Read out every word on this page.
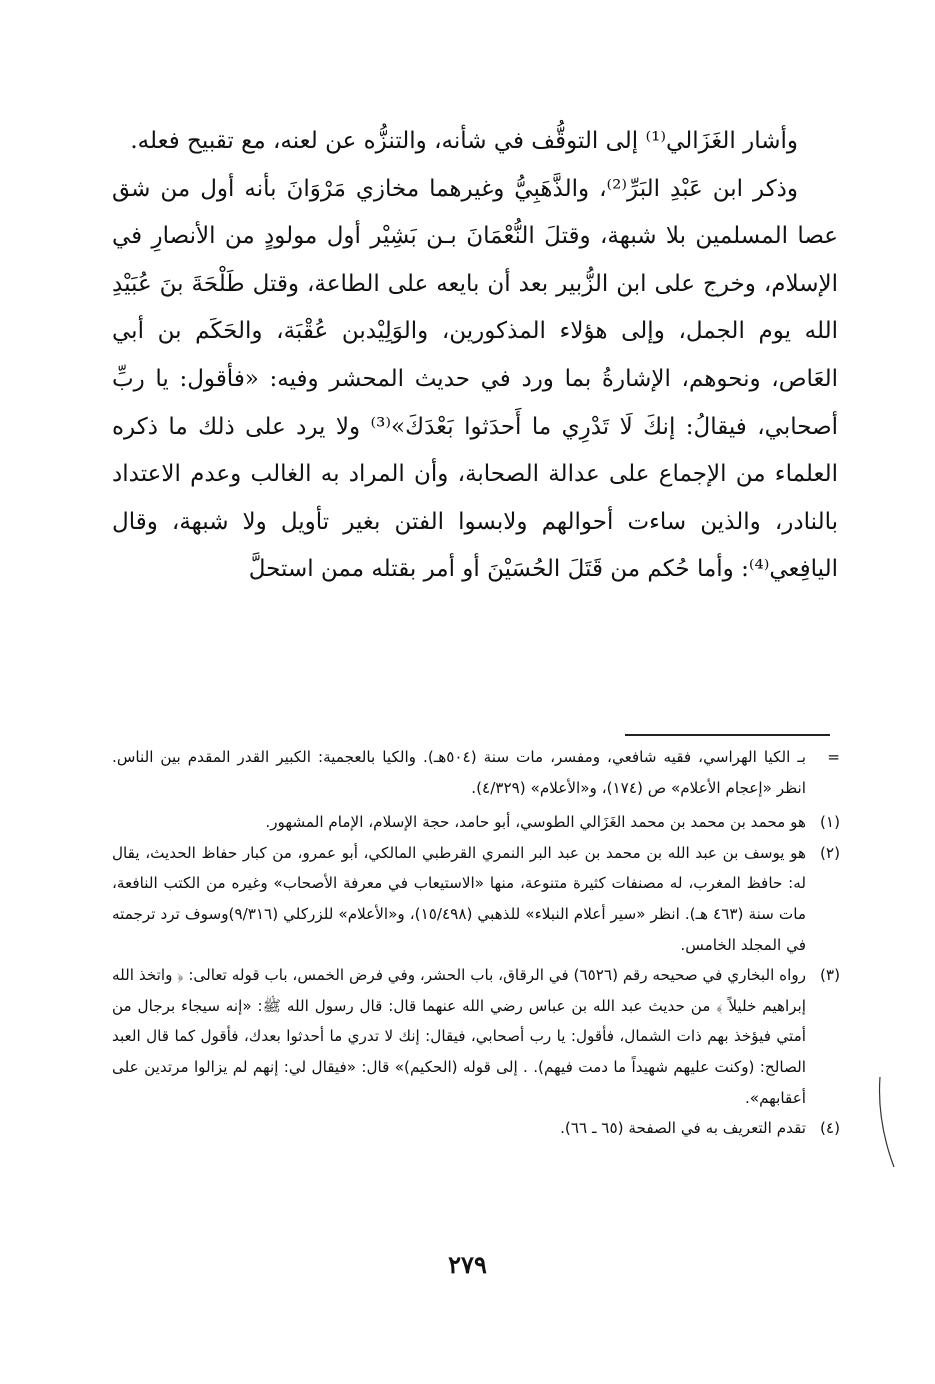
وأشار الغَزَالي⁽¹⁾ إلى التوقُّف في شأنه، والتنزُّه عن لعنه، مع تقبيح فعله.

وذكر ابن عَبْدِ البَرِّ⁽²⁾، والذَّهَبِيُّ وغيرهما مخازي مَرْوَانَ بأنه أول من شق عصا المسلمين بلا شبهة، وقتلَ النُّعْمَانَ بـن بَشِيْر أول مولودٍ من الأنصارِ في الإسلام، وخرج على ابن الزُّبير بعد أن بايعه على الطاعة، وقتل طَلْحَةَ بنَ عُبَيْدِ الله يوم الجمل، وإلى هؤلاء المذكورين، والوَلِيْدبن عُقْبَة، والحَكَم بن أبي العَاص، ونحوهم، الإشارةُ بما ورد في حديث المحشر وفيه: «فأقول: يا ربِّ أصحابي، فيقالُ: إنكَ لَا تَدْرِي ما أَحدَثوا بَعْدَكَ»⁽³⁾ ولا يرد على ذلك ما ذكره العلماء من الإجماع على عدالة الصحابة، وأن المراد به الغالب وعدم الاعتداد بالنادر، والذين ساءت أحوالهم ولابسوا الفتن بغير تأويل ولا شبهة، وقال اليافِعي⁽⁴⁾: وأما حُكم من قَتَلَ الحُسَيْنَ أو أمر بقتله ممن استحلَّ

=
بـ الكيا الهراسي، فقيه شافعي، ومفسر، مات سنة (٥٠٤هـ). والكيا بالعجمية: الكبير القدر المقدم بين الناس. انظر «إعجام الأعلام» ص (١٧٤)، و«الأعلام» (٤/٣٢٩).

(١)
هو محمد بن محمد بن محمد الغَزَالي الطوسي، أبو حامد، حجة الإسلام، الإمام المشهور.

(٢)
هو يوسف بن عبد الله بن محمد بن عبد البر النمري القرطبي المالكي، أبو عمرو، من كبار حفاظ الحديث، يقال له: حافظ المغرب، له مصنفات كثيرة متنوعة، منها «الاستيعاب في معرفة الأصحاب» وغيره من الكتب النافعة، مات سنة (٤٦٣ هـ). انظر «سير أعلام النبلاء» للذهبي (١٥/٤٩٨)، و«الأعلام» للزركلي (٩/٣١٦)وسوف ترد ترجمته في المجلد الخامس.

(٣)
رواه البخاري في صحيحه رقم (٦٥٢٦) في الرقاق، باب الحشر، وفي فرض الخمس، باب قوله تعالى: ﴿ واتخذ الله إبراهيم خليلاً ﴾ من حديث عبد الله بن عباس رضي الله عنهما قال: قال رسول الله ﷺ: «إنه سيجاء برجال من أمتي فيؤخذ بهم ذات الشمال، فأقول: يا رب أصحابي، فيقال: إنك لا تدري ما أحدثوا بعدك، فأقول كما قال العبد الصالح: (وكنت عليهم شهيداً ما دمت فيهم). . إلى قوله (الحكيم)» قال: «فيقال لي: إنهم لم يزالوا مرتدين على أعقابهم».

(٤)
تقدم التعريف به في الصفحة (٦٥ ـ ٦٦).

٢٧٩
